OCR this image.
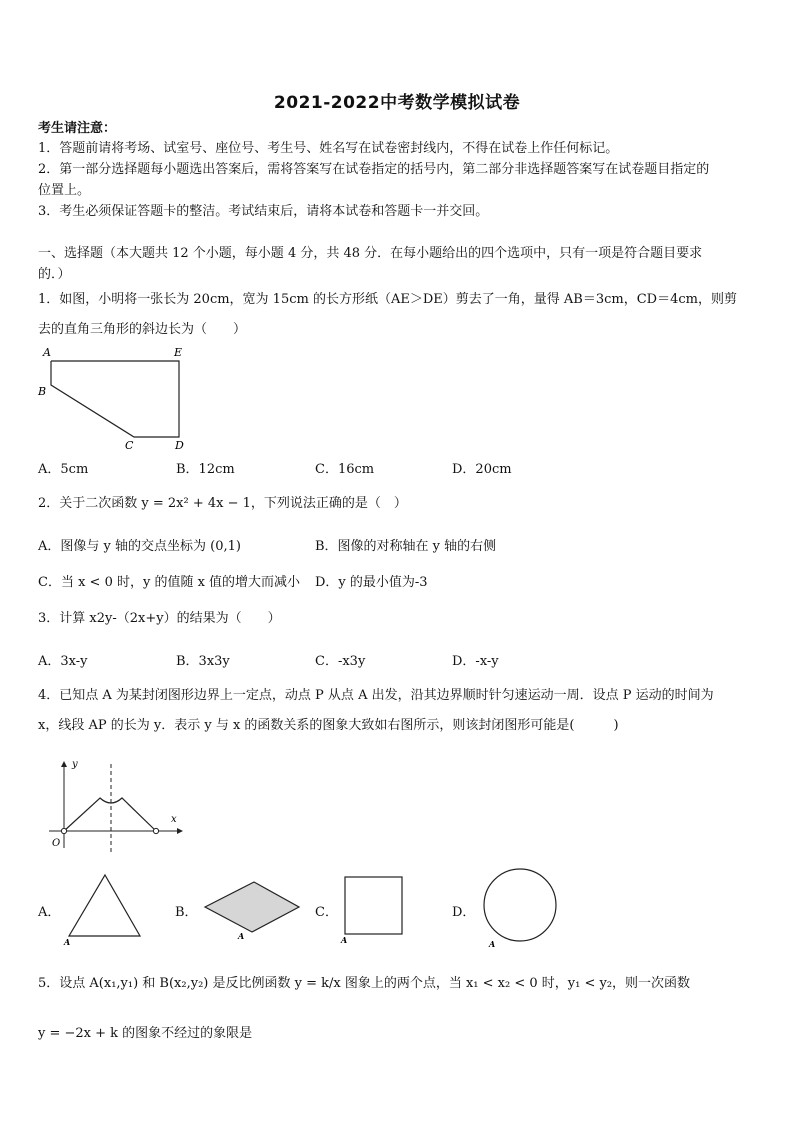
2021-2022中考数学模拟试卷
考生请注意：
1．答题前请将考场、试室号、座位号、考生号、姓名写在试卷密封线内，不得在试卷上作任何标记。
2．第一部分选择题每小题选出答案后，需将答案写在试卷指定的括号内，第二部分非选择题答案写在试卷题目指定的
位置上。
3．考生必须保证答题卡的整洁。考试结束后，请将本试卷和答题卡一并交回。
一、选择题（本大题共 12 个小题，每小题 4 分，共 48 分．在每小题给出的四个选项中，只有一项是符合题目要求
的．）
1．如图，小明将一张长为 20cm，宽为 15cm 的长方形纸（AE＞DE）剪去了一角，量得 AB＝3cm，CD＝4cm，则剪
去的直角三角形的斜边长为（　　）
A	E
B
C	D
A．5cm	B．12cm	C．16cm	D．20cm
2．关于二次函数 y = 2x² + 4x − 1，下列说法正确的是（　）
A．图像与 y 轴的交点坐标为 (0,1)	B．图像的对称轴在 y 轴的右侧
C．当 x < 0 时，y 的值随 x 值的增大而减小 D．y 的最小值为-3
3．计算 x2y-（2x+y）的结果为（　　）
A．3x-y	B．3x3y	C．-x3y	D．-x-y
4．已知点 A 为某封闭图形边界上一定点，动点 P 从点 A 出发，沿其边界顺时针匀速运动一周．设点 P 运动的时间为
x，线段 AP 的长为 y．表示 y 与 x 的函数关系的图象大致如右图所示，则该封闭图形可能是(　　　)
y
x
O
A．
A
B．
A
C．
A
D．
A
5．设点 A(x₁,y₁) 和 B(x₂,y₂) 是反比例函数 y = k/x 图象上的两个点，当 x₁ < x₂ < 0 时，y₁ < y₂，则一次函数
y = −2x + k 的图象不经过的象限是
